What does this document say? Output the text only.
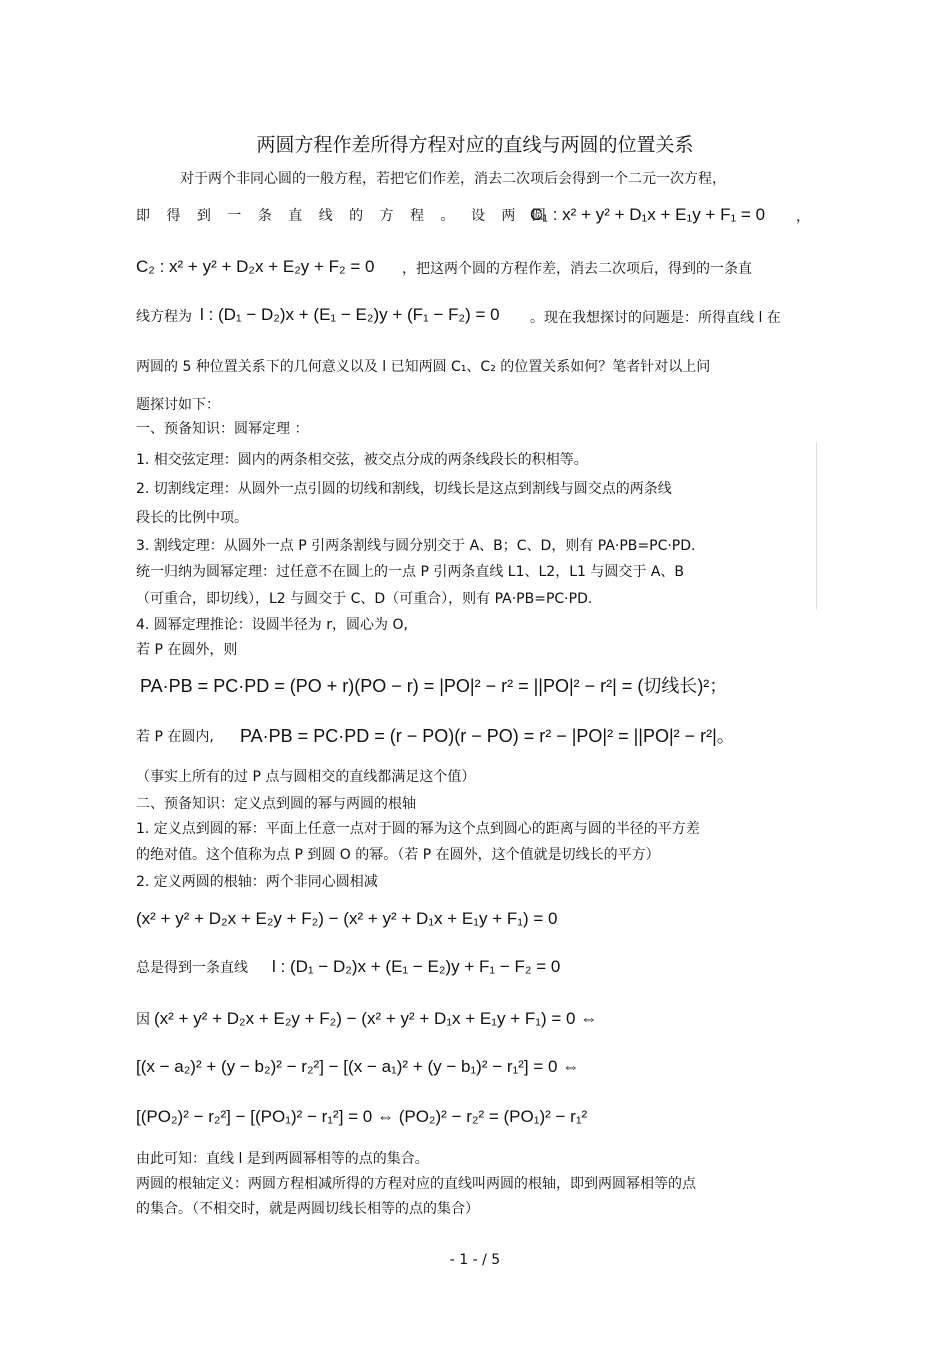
两圆方程作差所得方程对应的直线与两圆的位置关系
对于两个非同心圆的一般方程，若把它们作差，消去二次项后会得到一个二元一次方程，
即 得 到 一 条 直 线 的 方 程 。 设 两 圆
C₁ : x² + y² + D₁x + E₁y + F₁ = 0 ，
C₂ : x² + y² + D₂x + E₂y + F₂ = 0 ，把这两个圆的方程作差，消去二次项后，得到的一条直
线方程为 l : (D₁ − D₂)x + (E₁ − E₂)y + (F₁ − F₂) = 0 。现在我想探讨的问题是：所得直线 l 在
两圆的 5 种位置关系下的几何意义以及 l 已知两圆 C₁、C₂ 的位置关系如何？笔者针对以上问
题探讨如下：
一、预备知识：圆幂定理 ：
1. 相交弦定理：圆内的两条相交弦，被交点分成的两条线段长的积相等。
2. 切割线定理：从圆外一点引圆的切线和割线，切线长是这点到割线与圆交点的两条线
段长的比例中项。
3. 割线定理：从圆外一点 P 引两条割线与圆分别交于 A、B；C、D，则有 PA·PB=PC·PD.
统一归纳为圆幂定理：过任意不在圆上的一点 P 引两条直线 L1、L2，L1 与圆交于 A、B
（可重合，即切线），L2 与圆交于 C、D（可重合），则有 PA·PB=PC·PD.
4. 圆幂定理推论：设圆半径为 r，圆心为 O,
若 P 在圆外，则
PA·PB = PC·PD = (PO + r)(PO − r) = |PO|² − r² = ||PO|² − r²| = (切线长)²；
若 P 在圆内, PA·PB = PC·PD = (r − PO)(r − PO) = r² − |PO|² = ||PO|² − r²|。
（事实上所有的过 P 点与圆相交的直线都满足这个值）
二、预备知识：定义点到圆的幂与两圆的根轴
1. 定义点到圆的幂：平面上任意一点对于圆的幂为这个点到圆心的距离与圆的半径的平方差
的绝对值。这个值称为点 P 到圆 O 的幂。（若 P 在圆外，这个值就是切线长的平方）
2. 定义两圆的根轴：两个非同心圆相减
(x² + y² + D₂x + E₂y + F₂) − (x² + y² + D₁x + E₁y + F₁) = 0
总是得到一条直线 l : (D₁ − D₂)x + (E₁ − E₂)y + F₁ − F₂ = 0
因 (x² + y² + D₂x + E₂y + F₂) − (x² + y² + D₁x + E₁y + F₁) = 0 ⇔
[(x − a₂)² + (y − b₂)² − r₂²] − [(x − a₁)² + (y − b₁)² − r₁²] = 0 ⇔
[(PO₂)² − r₂²] − [(PO₁)² − r₁²] = 0 ⇔ (PO₂)² − r₂² = (PO₁)² − r₁²
由此可知：直线 l 是到两圆幂相等的点的集合。
两圆的根轴定义：两圆方程相减所得的方程对应的直线叫两圆的根轴，即到两圆幂相等的点
的集合。（不相交时，就是两圆切线长相等的点的集合）
- 1 - / 5
